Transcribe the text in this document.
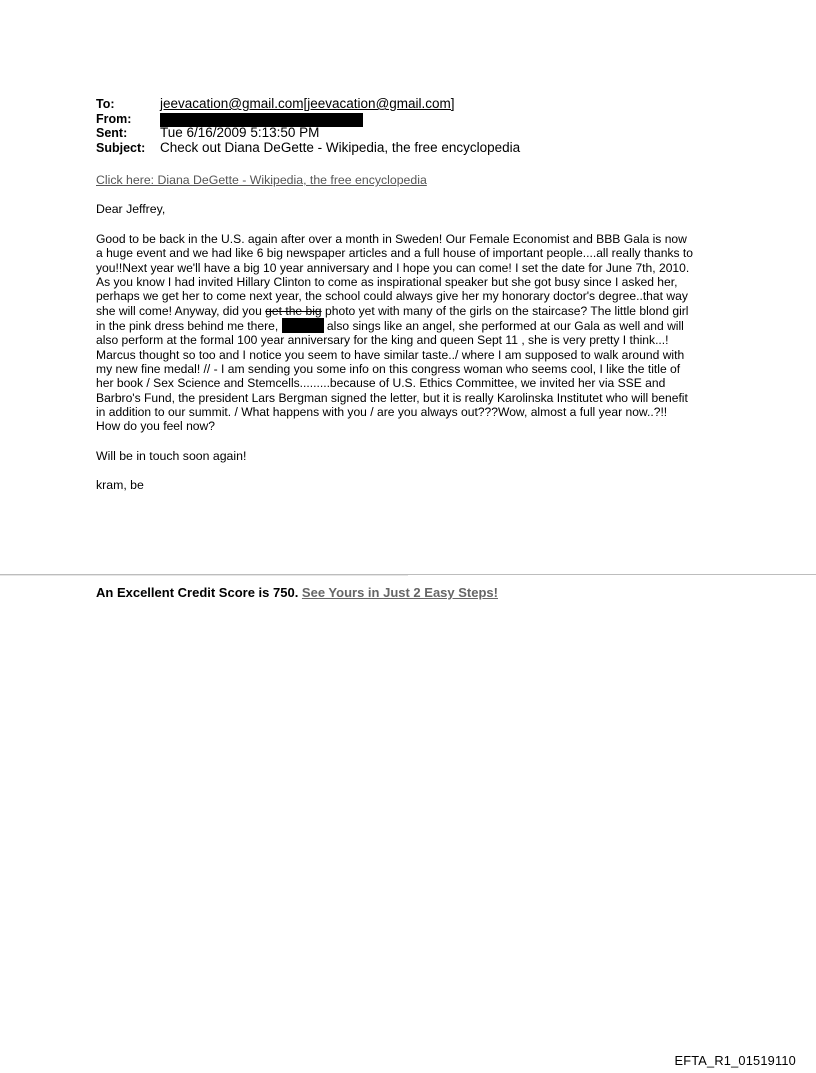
To:	jeevacation@gmail.com[jeevacation@gmail.com]
From:
Sent:	Tue 6/16/2009 5:13:50 PM
Subject:	Check out Diana DeGette - Wikipedia, the free encyclopedia
Click here: Diana DeGette - Wikipedia, the free encyclopedia
Dear Jeffrey,
Good to be back in the U.S. again after over a month in Sweden! Our Female Economist and BBB Gala is now
a huge event and we had like 6 big newspaper articles and a full house of important people....all really thanks to
you!!Next year we'll have a big 10 year anniversary and I hope you can come! I set the date for June 7th, 2010.
As you know I had invited Hillary Clinton to come as inspirational speaker but she got busy since I asked her,
perhaps we get her to come next year, the school could always give her my honorary doctor's degree..that way
she will come! Anyway, did you get the big photo yet with many of the girls on the staircase? The little blond girl
in the pink dress behind me there,	also sings like an angel, she performed at our Gala as well and will
also perform at the formal 100 year anniversary for the king and queen Sept 11 , she is very pretty I think...!
Marcus thought so too and I notice you seem to have similar taste../ where I am supposed to walk around with
my new fine medal! // - I am sending you some info on this congress woman who seems cool, I like the title of
her book / Sex Science and Stemcells.........because of U.S. Ethics Committee, we invited her via SSE and
Barbro's Fund, the president Lars Bergman signed the letter, but it is really Karolinska Institutet who will benefit
in addition to our summit. / What happens with you / are you always out???Wow, almost a full year now..?!!
How do you feel now?
Will be in touch soon again!
kram, be
An Excellent Credit Score is 750. See Yours in Just 2 Easy Steps!
EFTA_R1_01519110
